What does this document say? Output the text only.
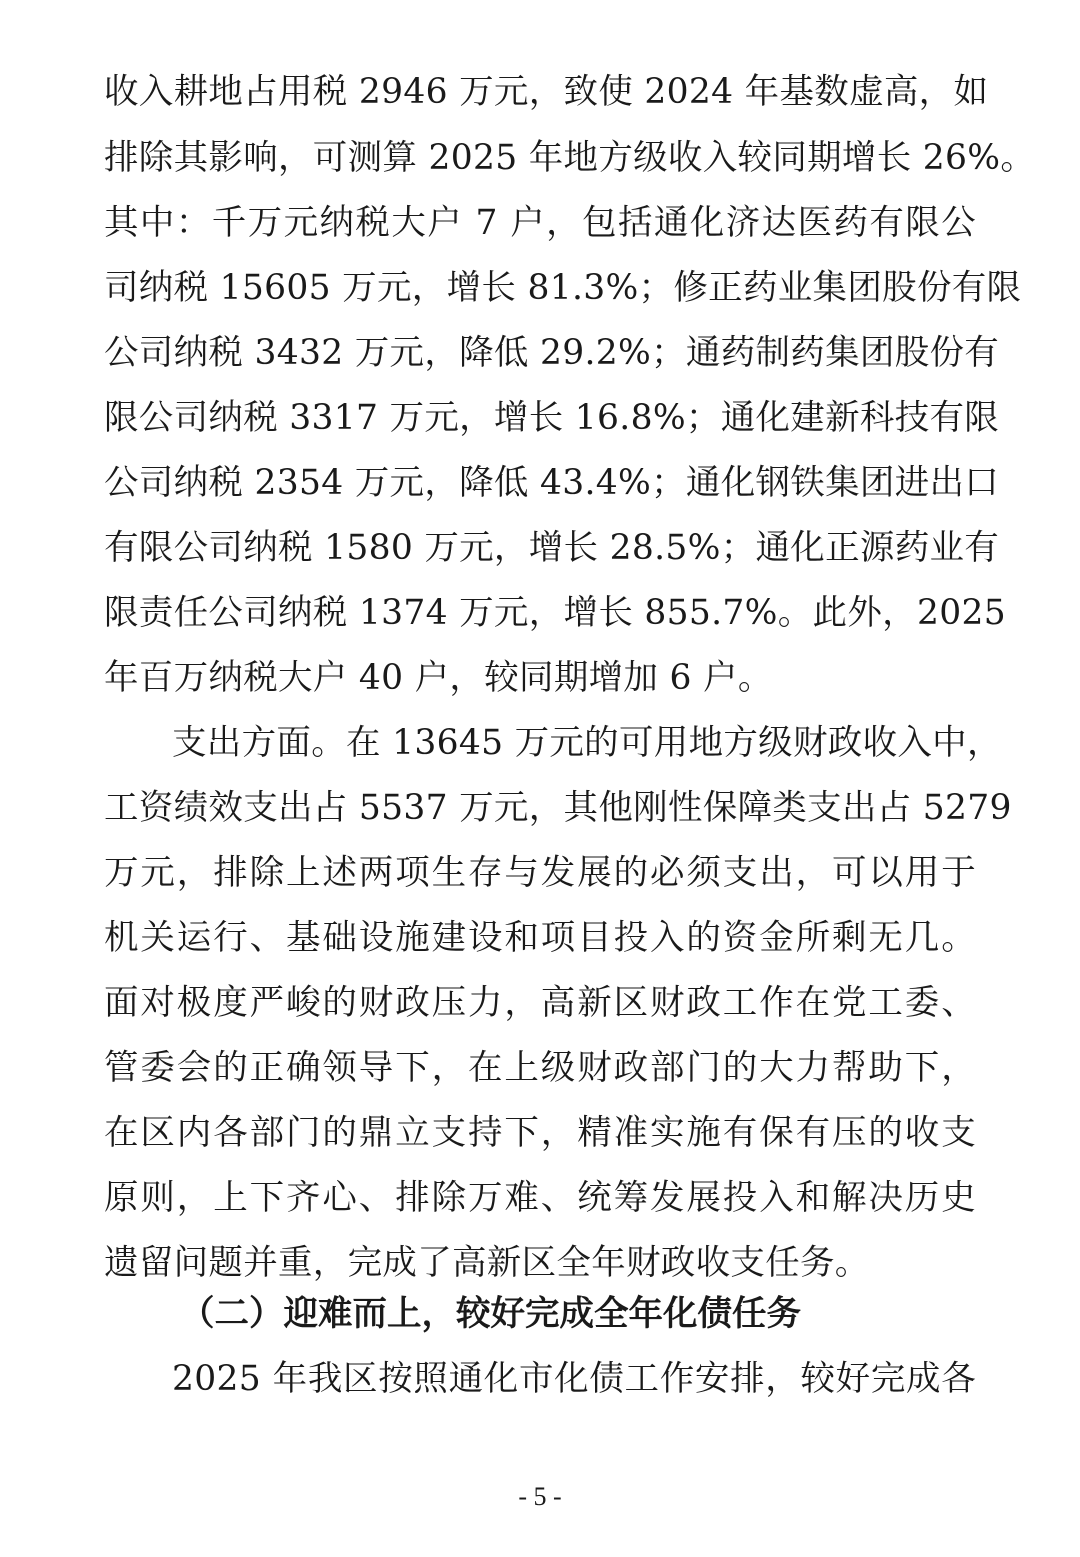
收入耕地占用税 2946 万元，致使 2024 年基数虚高，如
排除其影响，可测算 2025 年地方级收入较同期增长 26%。
其中：千万元纳税大户 7 户，包括通化济达医药有限公
司纳税 15605 万元，增长 81.3%；修正药业集团股份有限
公司纳税 3432 万元，降低 29.2%；通药制药集团股份有
限公司纳税 3317 万元，增长 16.8%；通化建新科技有限
公司纳税 2354 万元，降低 43.4%；通化钢铁集团进出口
有限公司纳税 1580 万元，增长 28.5%；通化正源药业有
限责任公司纳税 1374 万元，增长 855.7%。此外，2025
年百万纳税大户 40 户，较同期增加 6 户。
支出方面。在 13645 万元的可用地方级财政收入中，
工资绩效支出占 5537 万元，其他刚性保障类支出占 5279
万元，排除上述两项生存与发展的必须支出，可以用于
机关运行、基础设施建设和项目投入的资金所剩无几。
面对极度严峻的财政压力，高新区财政工作在党工委、
管委会的正确领导下，在上级财政部门的大力帮助下，
在区内各部门的鼎立支持下，精准实施有保有压的收支
原则，上下齐心、排除万难、统筹发展投入和解决历史
遗留问题并重，完成了高新区全年财政收支任务。
（二）迎难而上，较好完成全年化债任务
2025 年我区按照通化市化债工作安排，较好完成各
- 5 -
